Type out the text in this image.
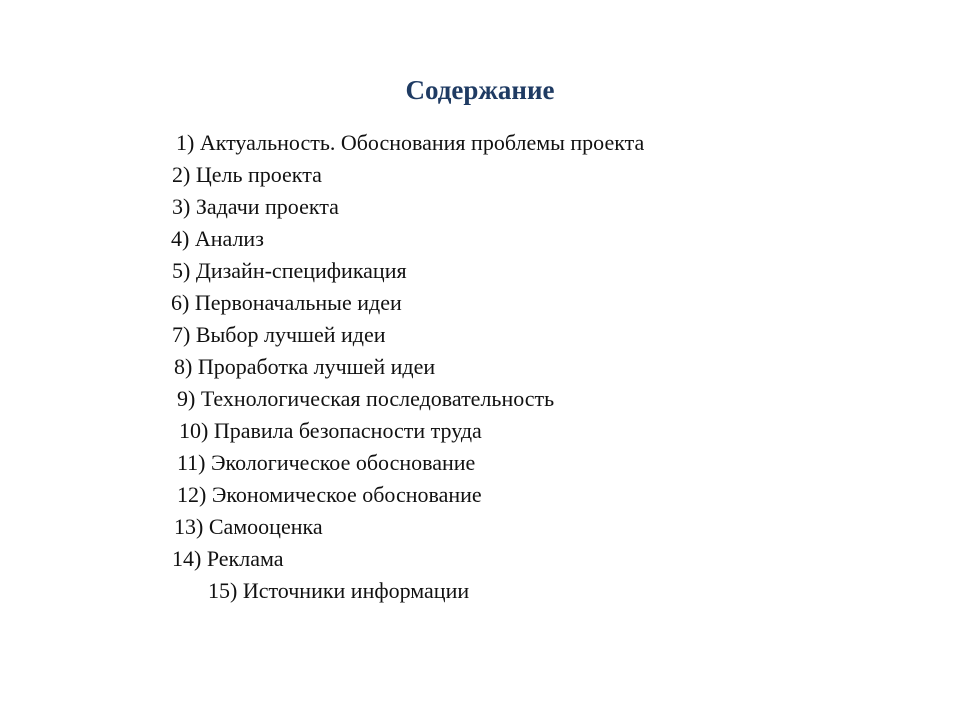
Содержание
1) Актуальность. Обоснования проблемы проекта
2) Цель проекта
3) Задачи проекта
4) Анализ
5) Дизайн-спецификация
6) Первоначальные идеи
7) Выбор лучшей идеи
8) Проработка лучшей идеи
9) Технологическая последовательность
10) Правила безопасности труда
11) Экологическое обоснование
12) Экономическое обоснование
13) Самооценка
14) Реклама
15) Источники информации
